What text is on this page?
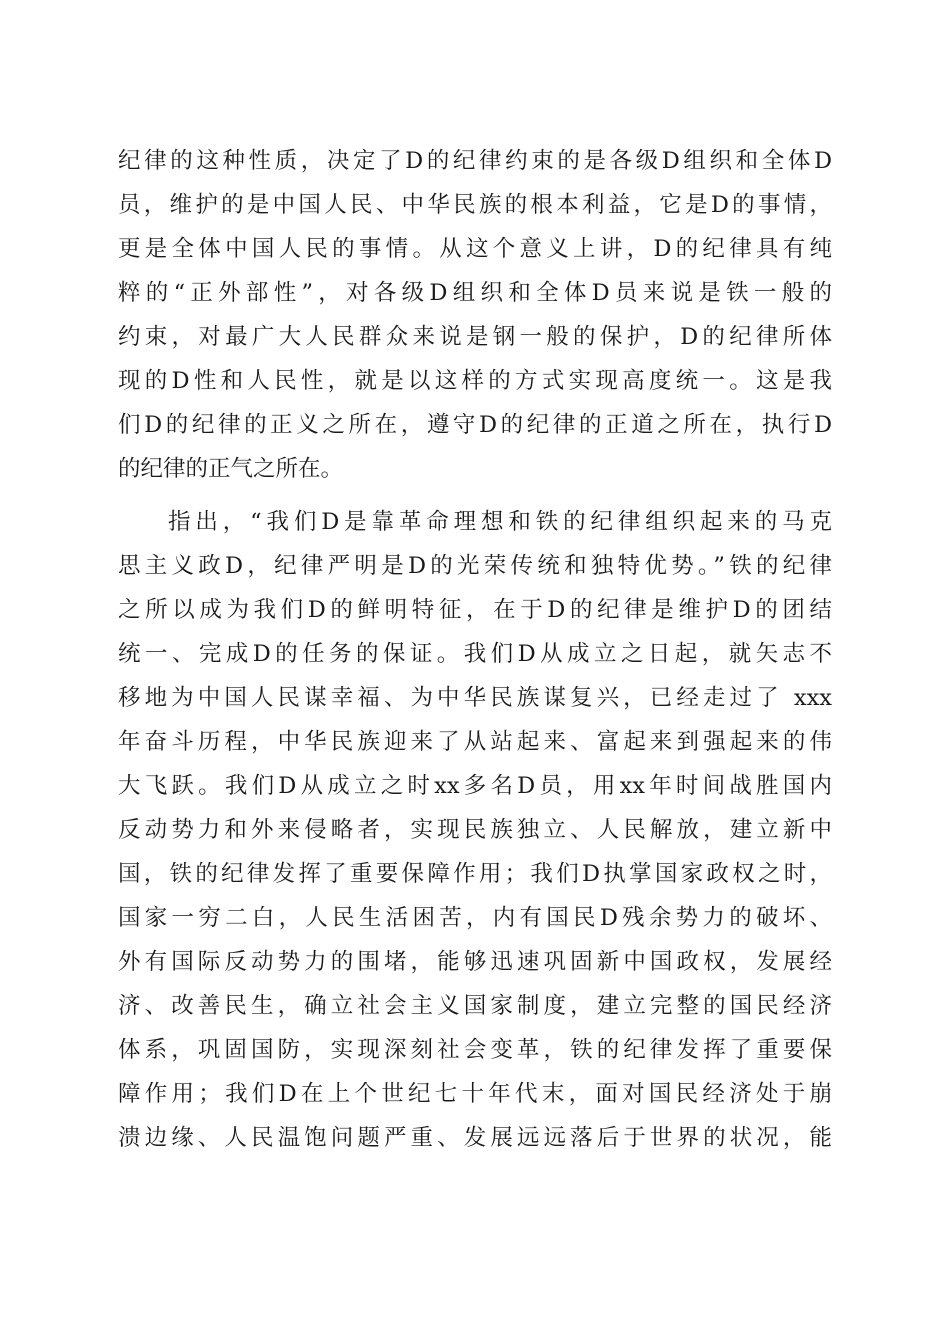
纪律的这种性质，决定了D的纪律约束的是各级D组织和全体D
员，维护的是中国人民、中华民族的根本利益，它是D的事情，
更是全体中国人民的事情。从这个意义上讲，D的纪律具有纯
粹的“正外部性”，对各级D组织和全体D员来说是铁一般的
约束，对最广大人民群众来说是钢一般的保护，D的纪律所体
现的D性和人民性，就是以这样的方式实现高度统一。这是我
们D的纪律的正义之所在，遵守D的纪律的正道之所在，执行D
的纪律的正气之所在。
指出，“我们D是靠革命理想和铁的纪律组织起来的马克
思主义政D，纪律严明是D的光荣传统和独特优势。”铁的纪律
之所以成为我们D的鲜明特征，在于D的纪律是维护D的团结
统一、完成D的任务的保证。我们D从成立之日起，就矢志不
移地为中国人民谋幸福、为中华民族谋复兴，已经走过了 xxx
年奋斗历程，中华民族迎来了从站起来、富起来到强起来的伟
大飞跃。我们D从成立之时xx多名D员，用xx年时间战胜国内
反动势力和外来侵略者，实现民族独立、人民解放，建立新中
国，铁的纪律发挥了重要保障作用；我们D执掌国家政权之时，
国家一穷二白，人民生活困苦，内有国民D残余势力的破坏、
外有国际反动势力的围堵，能够迅速巩固新中国政权，发展经
济、改善民生，确立社会主义国家制度，建立完整的国民经济
体系，巩固国防，实现深刻社会变革，铁的纪律发挥了重要保
障作用；我们D在上个世纪七十年代末，面对国民经济处于崩
溃边缘、人民温饱问题严重、发展远远落后于世界的状况，能
